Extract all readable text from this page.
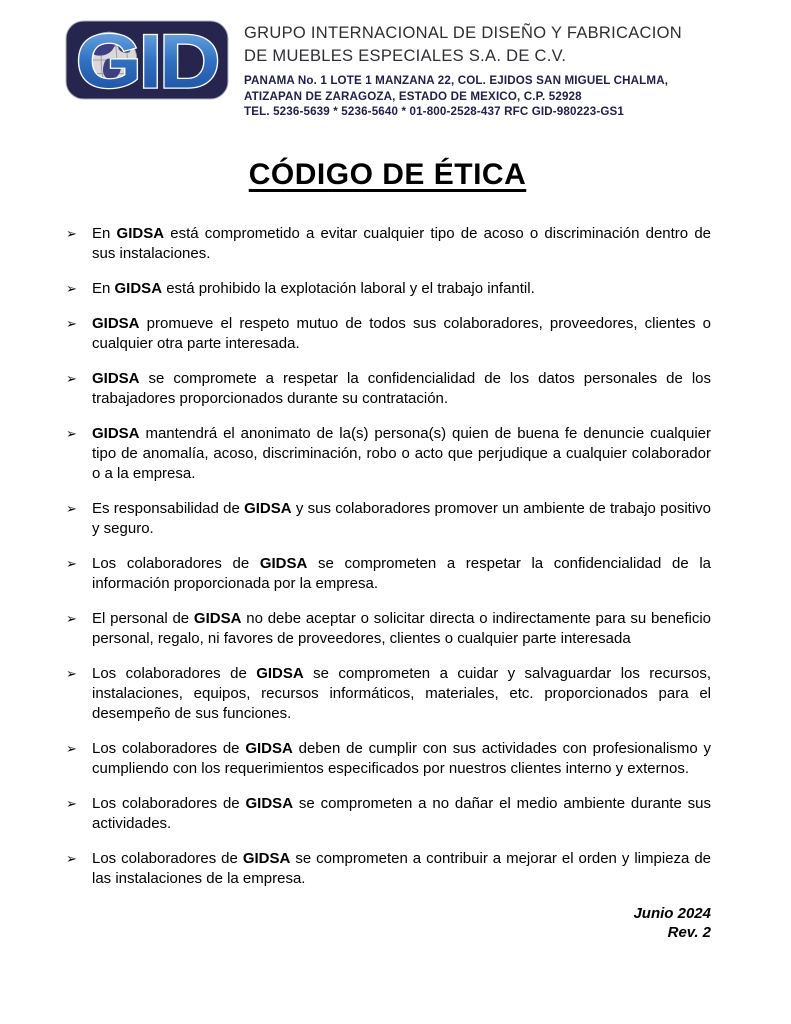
GID GRUPO INTERNACIONAL DE DISEÑO Y FABRICACION
DE MUEBLES ESPECIALES S.A. DE C.V.
PANAMA No. 1 LOTE 1 MANZANA 22, COL. EJIDOS SAN MIGUEL CHALMA,
ATIZAPAN DE ZARAGOZA, ESTADO DE MEXICO, C.P. 52928
TEL. 5236-5639 * 5236-5640 * 01-800-2528-437 RFC GID-980223-GS1
CÓDIGO DE ÉTICA
➢	En GIDSA está comprometido a evitar cualquier tipo de acoso o discriminación dentro de sus instalaciones.

➢	En GIDSA está prohibido la explotación laboral y el trabajo infantil.

➢	GIDSA promueve el respeto mutuo de todos sus colaboradores, proveedores, clientes o cualquier otra parte interesada.

➢	GIDSA se compromete a respetar la confidencialidad de los datos personales de los trabajadores proporcionados durante su contratación.

➢	GIDSA mantendrá el anonimato de la(s) persona(s) quien de buena fe denuncie cualquier tipo de anomalía, acoso, discriminación, robo o acto que perjudique a cualquier colaborador o a la empresa.

➢	Es responsabilidad de GIDSA y sus colaboradores promover un ambiente de trabajo positivo y seguro.

➢	Los colaboradores de GIDSA se comprometen a respetar la confidencialidad de la información proporcionada por la empresa.

➢	El personal de GIDSA no debe aceptar o solicitar directa o indirectamente para su beneficio personal, regalo, ni favores de proveedores, clientes o cualquier parte interesada

➢	Los colaboradores de GIDSA se comprometen a cuidar y salvaguardar los recursos, instalaciones, equipos, recursos informáticos, materiales, etc. proporcionados para el desempeño de sus funciones.

➢	Los colaboradores de GIDSA deben de cumplir con sus actividades con profesionalismo y cumpliendo con los requerimientos especificados por nuestros clientes interno y externos.

➢	Los colaboradores de GIDSA se comprometen a no dañar el medio ambiente durante sus actividades.

➢	Los colaboradores de GIDSA se comprometen a contribuir a mejorar el orden y limpieza de las instalaciones de la empresa.

Junio 2024
Rev. 2
